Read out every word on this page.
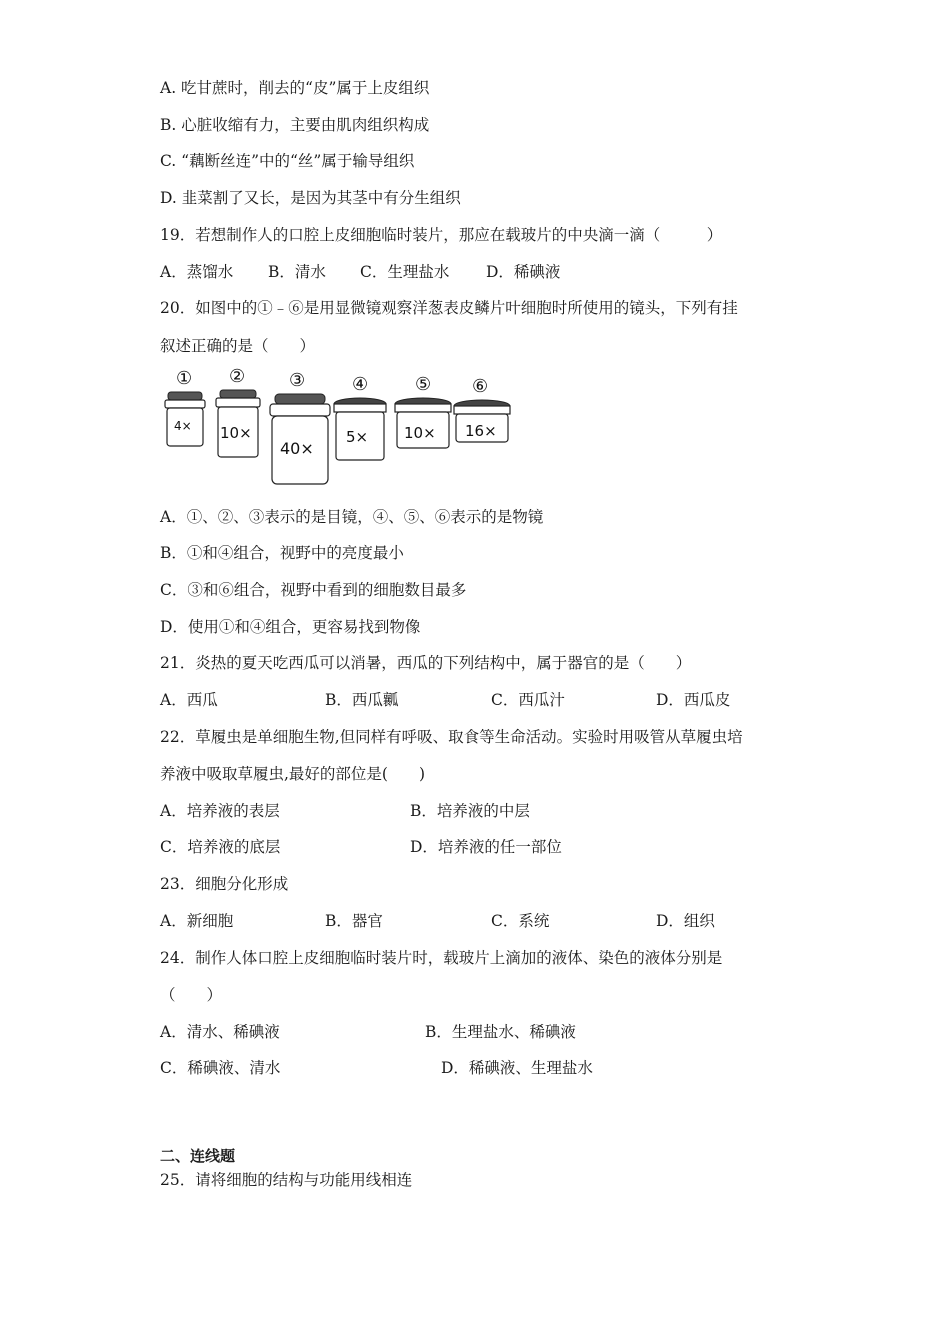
A. 吃甘蔗时，削去的“皮”属于上皮组织
B. 心脏收缩有力，主要由肌肉组织构成
C. “藕断丝连”中的“丝”属于输导组织
D. 韭菜割了又长，是因为其茎中有分生组织
19．若想制作人的口腔上皮细胞临时装片，那应在载玻片的中央滴一滴（　　　）
A．蒸馏水 B．清水 C．生理盐水 D．稀碘液
20．如图中的①﹣⑥是用显微镜观察洋葱表皮鳞片叶细胞时所使用的镜头，下列有挂
叙述正确的是（　　）
①
4×
②
10×
③
40×
④
5×
⑤
10×
⑥
16×
A．①、②、③表示的是目镜，④、⑤、⑥表示的是物镜
B．①和④组合，视野中的亮度最小
C．③和⑥组合，视野中看到的细胞数目最多
D．使用①和④组合，更容易找到物像
21．炎热的夏天吃西瓜可以消暑，西瓜的下列结构中，属于器官的是（　　）
A．西瓜	B．西瓜瓤	C．西瓜汁	D．西瓜皮
22．草履虫是单细胞生物,但同样有呼吸、取食等生命活动。实验时用吸管从草履虫培
养液中吸取草履虫,最好的部位是(　　)
A．培养液的表层	B．培养液的中层
C．培养液的底层	D．培养液的任一部位
23．细胞分化形成
A．新细胞	B．器官	C．系统	D．组织
24．制作人体口腔上皮细胞临时装片时，载玻片上滴加的液体、染色的液体分别是
（　　）
A．清水、稀碘液	B．生理盐水、稀碘液
C．稀碘液、清水	D．稀碘液、生理盐水
二、连线题
25．请将细胞的结构与功能用线相连
